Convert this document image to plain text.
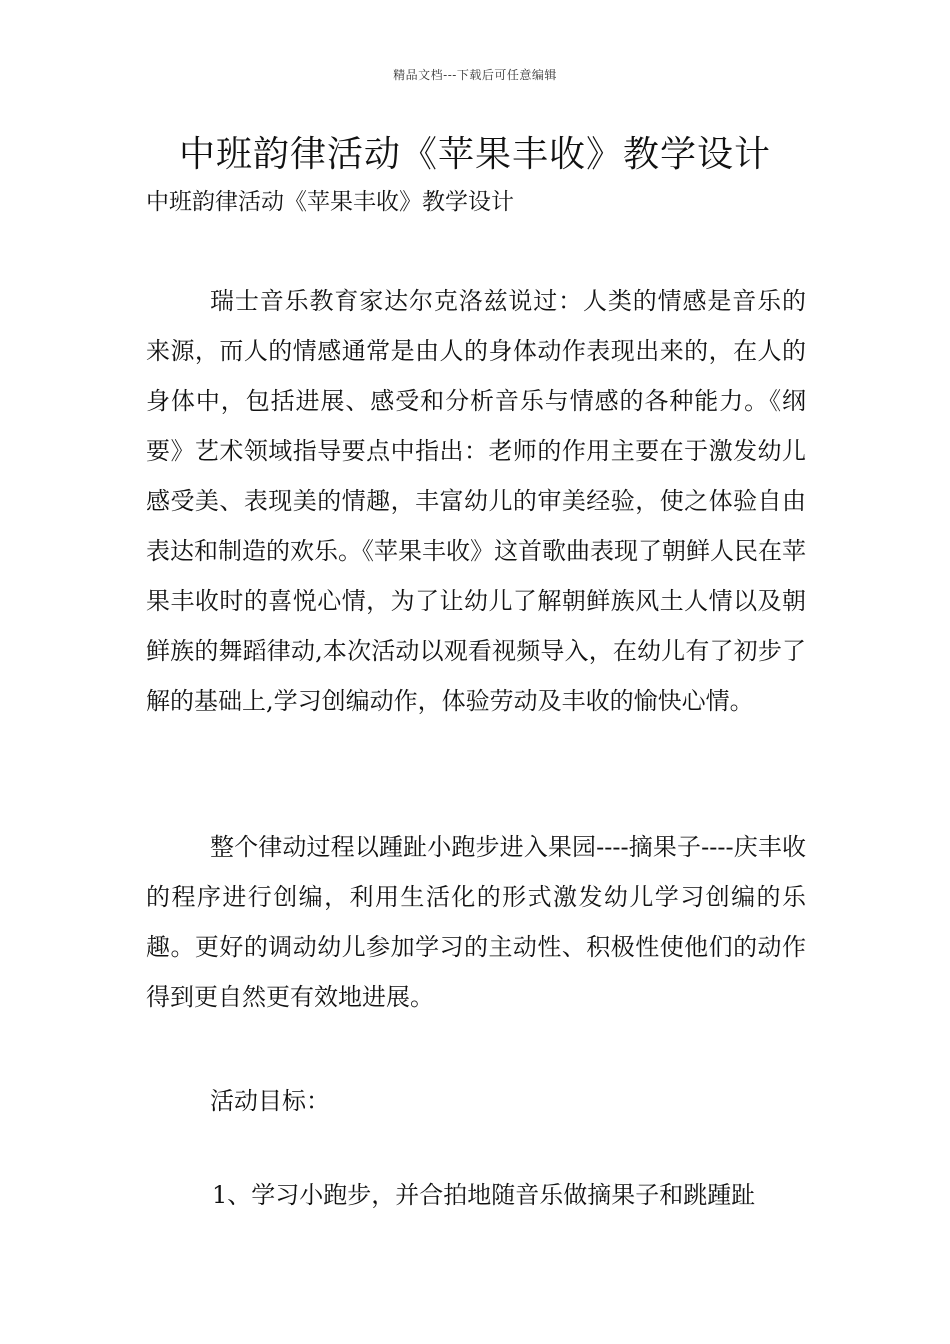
精品文档---下载后可任意编辑
中班韵律活动《苹果丰收》教学设计

中班韵律活动《苹果丰收》教学设计

瑞士音乐教育家达尔克洛兹说过：人类的情感是音乐的来源，而人的情感通常是由人的身体动作表现出来的，在人的身体中，包括进展、感受和分析音乐与情感的各种能力。《纲要》艺术领域指导要点中指出：老师的作用主要在于激发幼儿感受美、表现美的情趣，丰富幼儿的审美经验，使之体验自由表达和制造的欢乐。《苹果丰收》这首歌曲表现了朝鲜人民在苹果丰收时的喜悦心情，为了让幼儿了解朝鲜族风土人情以及朝鲜族的舞蹈律动,本次活动以观看视频导入，在幼儿有了初步了解的基础上,学习创编动作，体验劳动及丰收的愉快心情。

整个律动过程以踵趾小跑步进入果园----摘果子----庆丰收的程序进行创编，利用生活化的形式激发幼儿学习创编的乐趣。更好的调动幼儿参加学习的主动性、积极性使他们的动作得到更自然更有效地进展。

活动目标：

1、学习小跑步，并合拍地随音乐做摘果子和跳踵趾
